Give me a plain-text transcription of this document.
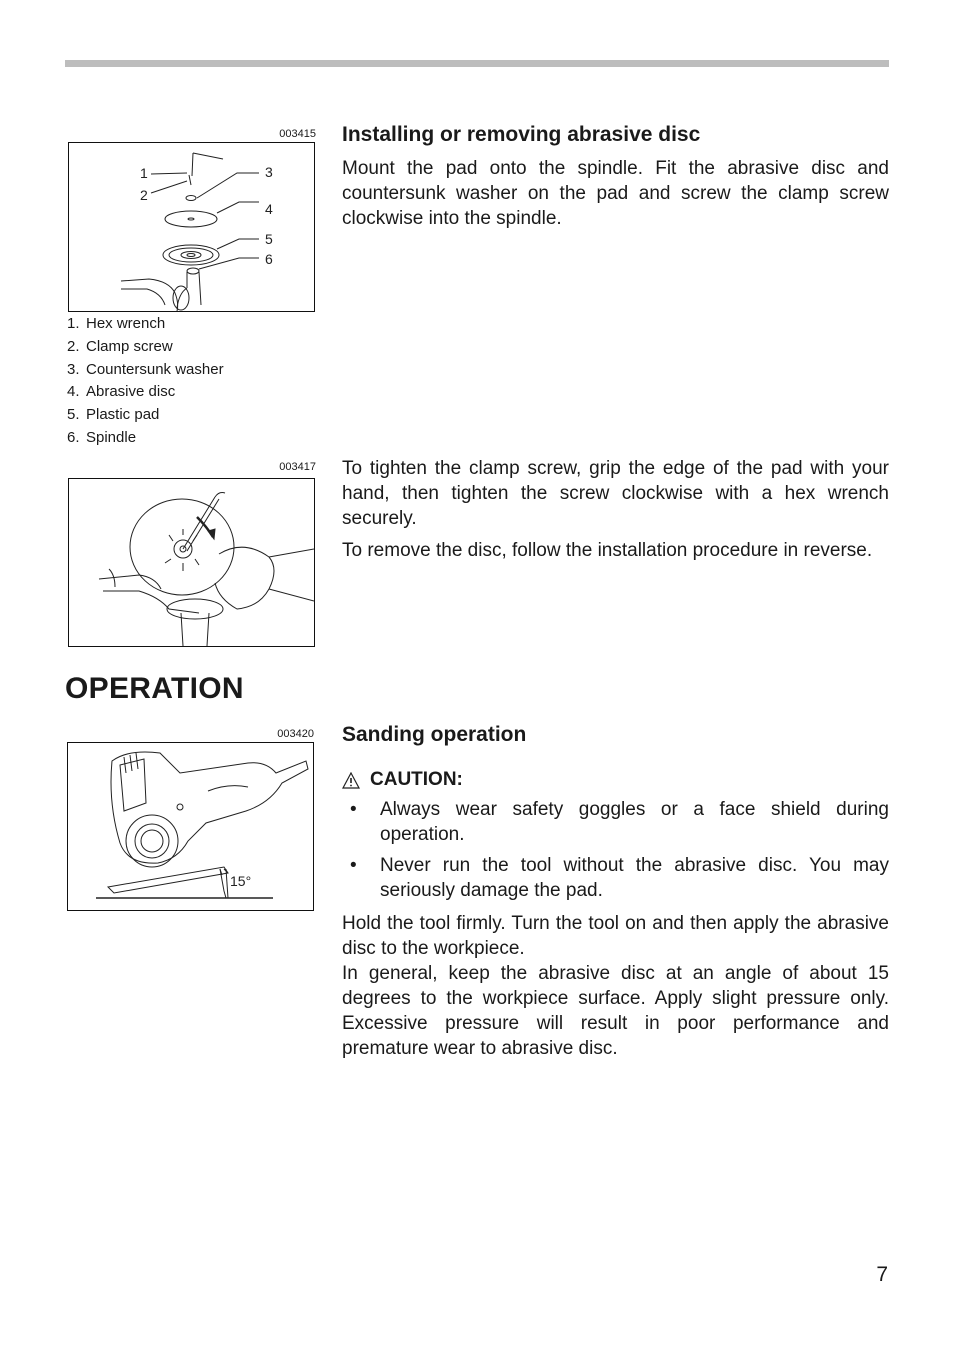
003415
1
2
3
4
5
6
1. Hex wrench
2. Clamp screw
3. Countersunk washer
4. Abrasive disc
5. Plastic pad
6. Spindle
Installing or removing abrasive disc

Mount the pad onto the spindle. Fit the abrasive disc and countersunk washer on the pad and screw the clamp screw clockwise into the spindle.

003417 To tighten the clamp screw, grip the edge of the pad with your hand, then tighten the screw clockwise with a hex wrench securely.

To remove the disc, follow the installation procedure in reverse.

OPERATION
003420
15°
Sanding operation
CAUTION:
• Always wear safety goggles or a face shield during operation.
• Never run the tool without the abrasive disc. You may seriously damage the pad.

Hold the tool firmly. Turn the tool on and then apply the abrasive disc to the workpiece.

In general, keep the abrasive disc at an angle of about 15 degrees to the workpiece surface. Apply slight pressure only. Excessive pressure will result in poor performance and premature wear to abrasive disc.

7
